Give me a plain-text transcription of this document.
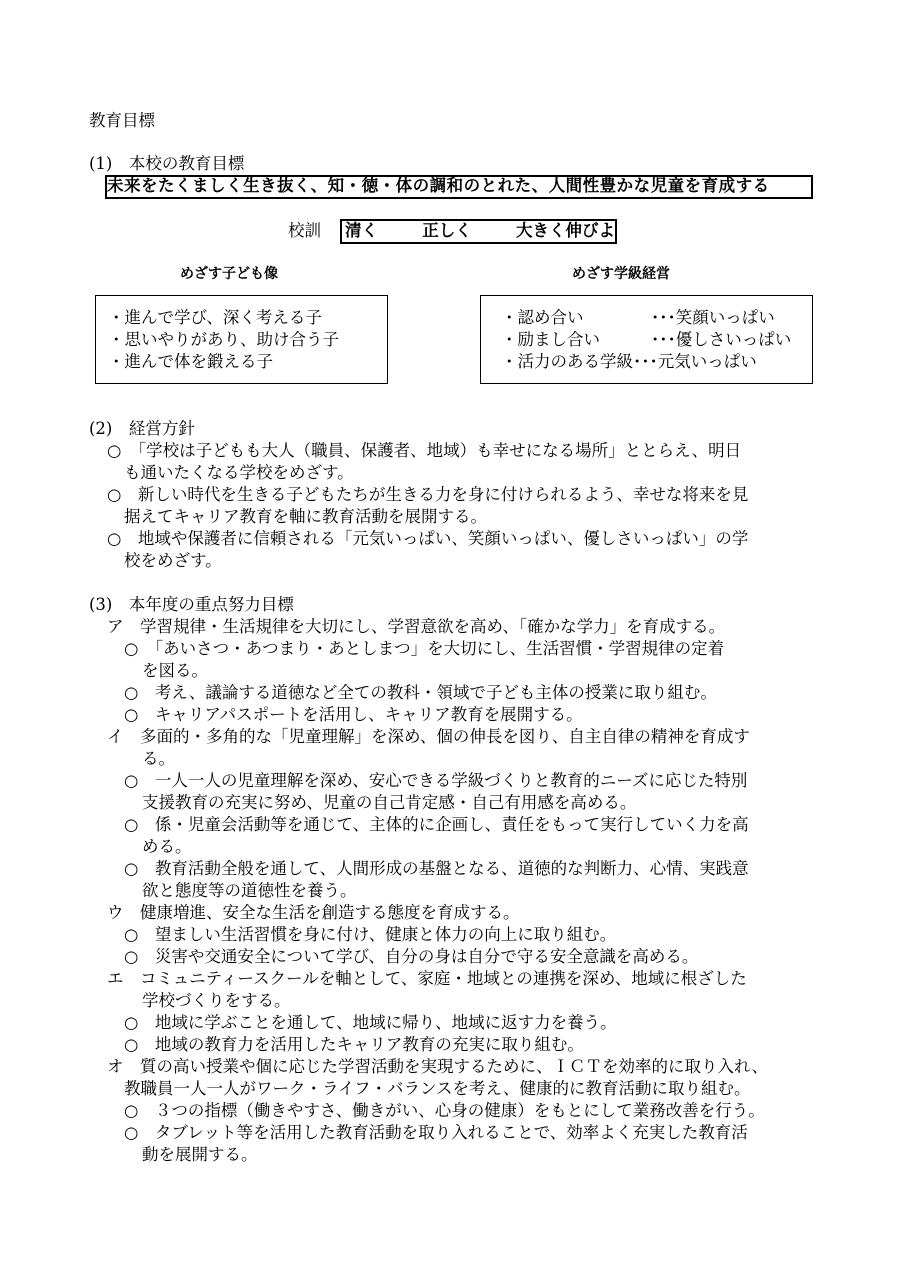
教育目標
(1)　本校の教育目標
未来をたくましく生き抜く、知・徳・体の調和のとれた、人間性豊かな児童を育成する
校訓 清く	正しく	大きく伸びよ
めざす子ども像	めざす学級経営
・進んで学び、深く考える子
・思いやりがあり、助け合う子
・進んで体を鍛える子
・認め合い	･･･笑顔いっぱい
・励まし合い	･･･優しさいっぱい
・活力のある学級 ･･･元気いっぱい
(2)　経営方針
○　「学校は子どもも大人（職員、保護者、地域）も幸せになる場所」ととらえ、明日
も通いたくなる学校をめざす。
○　新しい時代を生きる子どもたちが生きる力を身に付けられるよう、幸せな将来を見
据えてキャリア教育を軸に教育活動を展開する。
○　地域や保護者に信頼される「元気いっぱい、笑顔いっぱい、優しさいっぱい」の学
校をめざす。
(3)　本年度の重点努力目標
ア　学習規律・生活規律を大切にし、学習意欲を高め、「確かな学力」を育成する。
○　「あいさつ・あつまり・あとしまつ」を大切にし、生活習慣・学習規律の定着
を図る。
○　考え、議論する道徳など全ての教科・領域で子ども主体の授業に取り組む。
○　キャリアパスポートを活用し、キャリア教育を展開する。
イ　多面的・多角的な「児童理解」を深め、個の伸長を図り、自主自律の精神を育成す
る。
○　一人一人の児童理解を深め、安心できる学級づくりと教育的ニーズに応じた特別
支援教育の充実に努め、児童の自己肯定感・自己有用感を高める。
○　係・児童会活動等を通じて、主体的に企画し、責任をもって実行していく力を高
める。
○　教育活動全般を通して、人間形成の基盤となる、道徳的な判断力、心情、実践意
欲と態度等の道徳性を養う。
ウ　健康増進、安全な生活を創造する態度を育成する。
○　望ましい生活習慣を身に付け、健康と体力の向上に取り組む。
○　災害や交通安全について学び、自分の身は自分で守る安全意識を高める。
エ　コミュニティースクールを軸として、家庭・地域との連携を深め、地域に根ざした
学校づくりをする。
○　地域に学ぶことを通して、地域に帰り、地域に返す力を養う。
○　地域の教育力を活用したキャリア教育の充実に取り組む。
オ　質の高い授業や個に応じた学習活動を実現するために、ＩＣＴを効率的に取り入れ、
教職員一人一人がワーク・ライフ・バランスを考え、健康的に教育活動に取り組む。
○　３つの指標（働きやすさ、働きがい、心身の健康）をもとにして業務改善を行う。
○　タブレット等を活用した教育活動を取り入れることで、効率よく充実した教育活
動を展開する。
